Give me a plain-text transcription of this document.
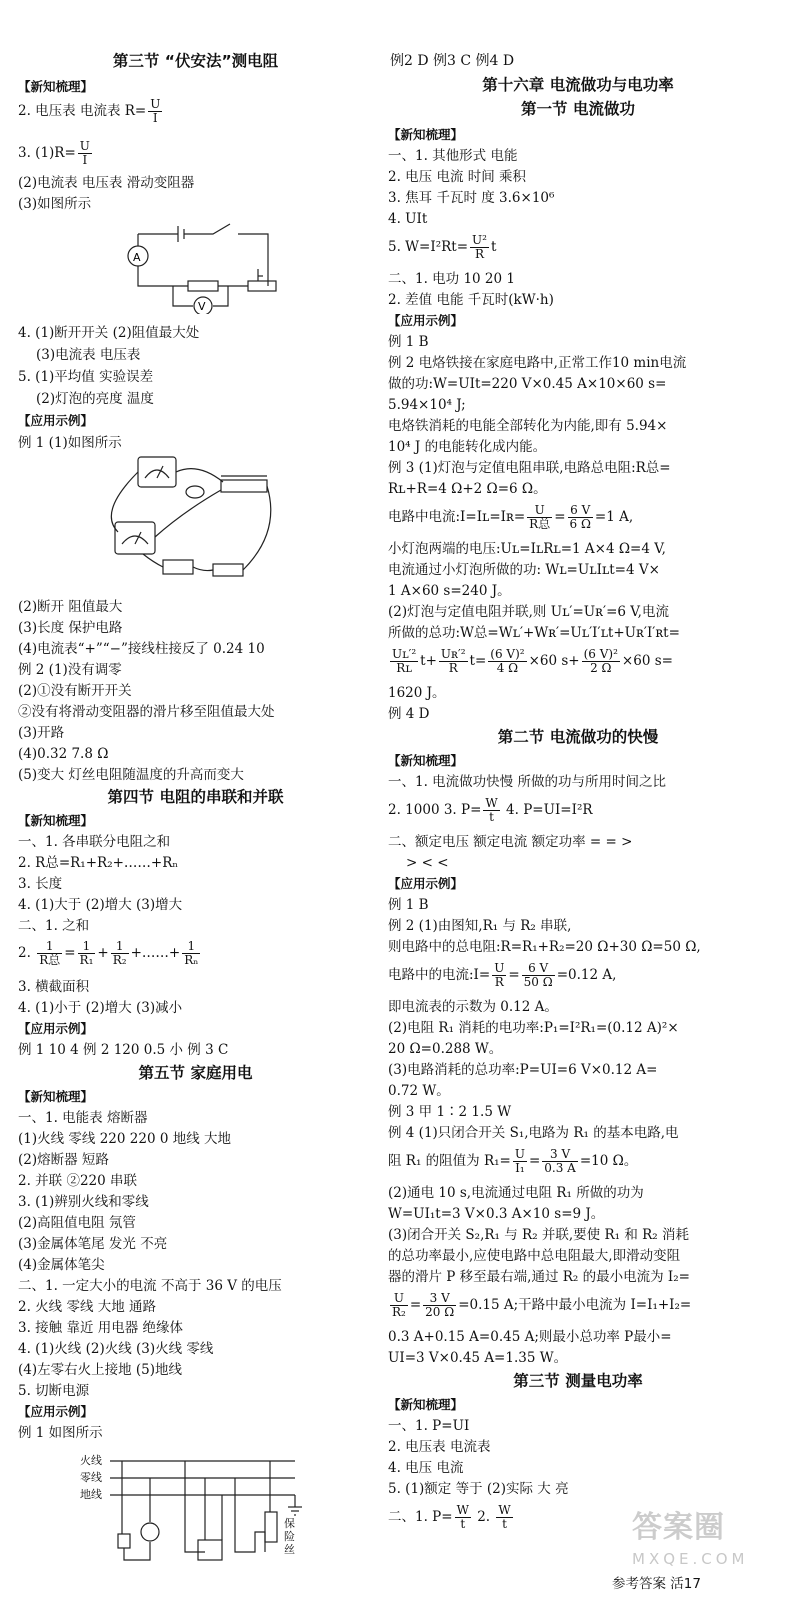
例2 D 例3 C 例4 D
第三节 “伏安法”测电阻
【新知梳理】
2. 电压表 电流表 $R= \frac{U}{I}$
3. $(1)R= \frac{U}{I}$
(2)电流表 电压表 滑动变阻器
(3)如图所示
A
V
4. (1)断开开关 (2)阻值最大处
(3)电流表 电压表
5. (1)平均值 实验误差
(2)灯泡的亮度 温度
【应用示例】
例 1 (1)如图所示
(2)断开 阻值最大
(3)长度 保护电路
(4)电流表“+”“−”接线柱接反了 0.24 10
例 2 (1)没有调零
(2)①没有断开开关
②没有将滑动变阻器的滑片移至阻值最大处
(3)开路
(4)0.32 7.8 Ω
(5)变大 灯丝电阻随温度的升高而变大
第四节 电阻的串联和并联
【新知梳理】
一、1. 各串联分电阻之和
2. R总=R₁+R₂+……+Rₙ
3. 长度
4. (1)大于 (2)增大 (3)增大
二、1. 之和
2. $\frac{1}{\text{R总}} = \frac{1}{\text{R₁}} + \frac{1}{\text{R₂}}$ +……+ $\frac{1}{\text{Rₙ}}$
3. 横截面积
4. (1)小于 (2)增大 (3)减小
【应用示例】
例 1 10 4 例 2 120 0.5 小 例 3 C
第五节 家庭用电
【新知梳理】
一、1. 电能表 熔断器
(1)火线 零线 220 220 0 地线 大地
(2)熔断器 短路
2. 并联 ②220 串联
3. (1)辨别火线和零线
(2)高阻值电阻 氖管
(3)金属体笔尾 发光 不亮
(4)金属体笔尖
二、1. 一定大小的电流 不高于 36 V 的电压
2. 火线 零线 大地 通路
3. 接触 靠近 用电器 绝缘体
4. (1)火线 (2)火线 (3)火线 零线
(4)左零右火上接地 (5)地线
5. 切断电源
【应用示例】
例 1 如图所示
火线
零线
地线
保险丝
第十六章 电流做功与电功率
第一节 电流做功
【新知梳理】
一、1. 其他形式 电能
2. 电压 电流 时间 乘积
3. 焦耳 千瓦时 度 3.6×10⁶
4. UIt
5. $W=I^2Rt= \frac{\text{U²}}{R}$ t
二、1. 电功 10 20 1
2. 差值 电能 千瓦时(kW·h)
【应用示例】
例 1 B
例 2 电烙铁接在家庭电路中,正常工作10 min电流
做的功:W=UIt=220 V×0.45 A×10×60 s=
5.94×10⁴ J;
电烙铁消耗的电能全部转化为内能,即有 5.94×
10⁴ J 的电能转化成内能。
例 3 (1)灯泡与定值电阻串联,电路总电阻:R总=
Rʟ+R=4 Ω+2 Ω=6 Ω。
电路中电流:I=Iʟ=Iʀ= $\frac{U}{\text{R总}} = \frac{6 V}{6 \Omega} =1$ A,
小灯泡两端的电压:Uʟ=IʟRʟ=1 A×4 Ω=4 V,
电流通过小灯泡所做的功: Wʟ=UʟIʟt=4 V×
1 A×60 s=240 J。
(2)灯泡与定值电阻并联,则 Uʟ′=Uʀ′=6 V,电流
所做的总功:W总=Wʟ′+Wʀ′=Uʟ′I′ʟt+Uʀ′I′ʀt=
$\frac{\text{Uʟ′²}}{\text{Rʟ}} t+ \frac{\text{Uʀ′²}}{R} t= \frac{\text{(6 V)²}}{4 \Omega} \times 60$ $s+ \frac{\text{(6 V)²}}{2 \Omega} \times 60$ s=
1620 J。
例 4 D
第二节 电流做功的快慢
【新知梳理】
一、1. 电流做功快慢 所做的功与所用时间之比
2. 1000 3. $P= \frac{W}{t} 4$. P=UI=I²R
二、额定电压 额定电流 额定功率 = = >
> < <
【应用示例】
例 1 B
例 2 (1)由图知,R₁ 与 R₂ 串联,
则电路中的总电阻:R=R₁+R₂=20 Ω+30 Ω=50 Ω,
电路中的电流:I= $\frac{U}{R} = \frac{6 V}{50 \Omega} =0.12$ A,
即电流表的示数为 0.12 A。
(2)电阻 R₁ 消耗的电功率:P₁=I²R₁=(0.12 A)²×
20 Ω=0.288 W。
(3)电路消耗的总功率:P=UI=6 V×0.12 A=
0.72 W。
例 3 甲 1∶2 1.5 W
例 4 (1)只闭合开关 S₁,电路为 R₁ 的基本电路,电
阻 R₁ 的阻值为 $R_1= \frac{U}{\text{I₁}} = \frac{3 V}{0.3 A} =10$ Ω。
(2)通电 10 s,电流通过电阻 R₁ 所做的功为
W=UI₁t=3 V×0.3 A×10 s=9 J。
(3)闭合开关 S₂,R₁ 与 R₂ 并联,要使 R₁ 和 R₂ 消耗
的总功率最小,应使电路中总电阻最大,即滑动变阻
器的滑片 P 移至最右端,通过 R₂ 的最小电流为 I₂=
$\frac{U}{\text{R₂}} = \frac{3 V}{20 \Omega} =0.15$ A;干路中最小电流为 I=I₁+I₂=
0.3 A+0.15 A=0.45 A;则最小总功率 P最小=
UI=3 V×0.45 A=1.35 W。
第三节 测量电功率
【新知梳理】
一、1. P=UI
2. 电压表 电流表
4. 电压 电流
5. (1)额定 等于 (2)实际 大 亮
二、1. $P= \frac{W}{t} 2$. $\frac{W}{t}$	答案圈
MXQE.COM
参考答案 活17
